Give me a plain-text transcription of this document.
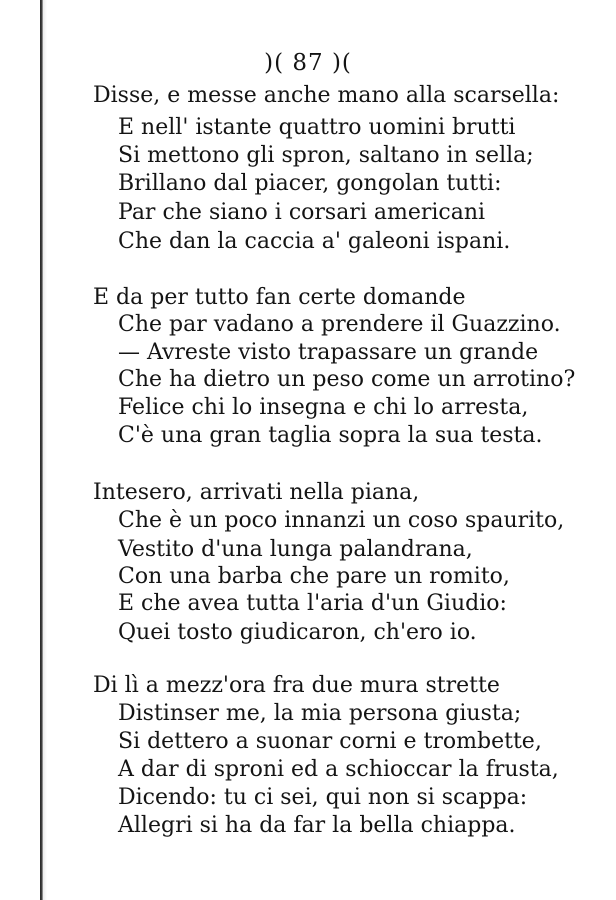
)( 87 )(
Disse, e messe anche mano alla scarsella:
E nell' istante quattro uomini brutti
Si mettono gli spron, saltano in sella;
Brillano dal piacer, gongolan tutti:
Par che siano i corsari americani
Che dan la caccia a' galeoni ispani.
E da per tutto fan certe domande
Che par vadano a prendere il Guazzino.
— Avreste visto trapassare un grande
Che ha dietro un peso come un arrotino?
Felice chi lo insegna e chi lo arresta,
C'è una gran taglia sopra la sua testa.
Intesero, arrivati nella piana,
Che è un poco innanzi un coso spaurito,
Vestito d'una lunga palandrana,
Con una barba che pare un romito,
E che avea tutta l'aria d'un Giudio:
Quei tosto giudicaron, ch'ero io.
Di lì a mezz'ora fra due mura strette
Distinser me, la mia persona giusta;
Si dettero a suonar corni e trombette,
A dar di sproni ed a schioccar la frusta,
Dicendo: tu ci sei, qui non si scappa:
Allegri si ha da far la bella chiappa.
